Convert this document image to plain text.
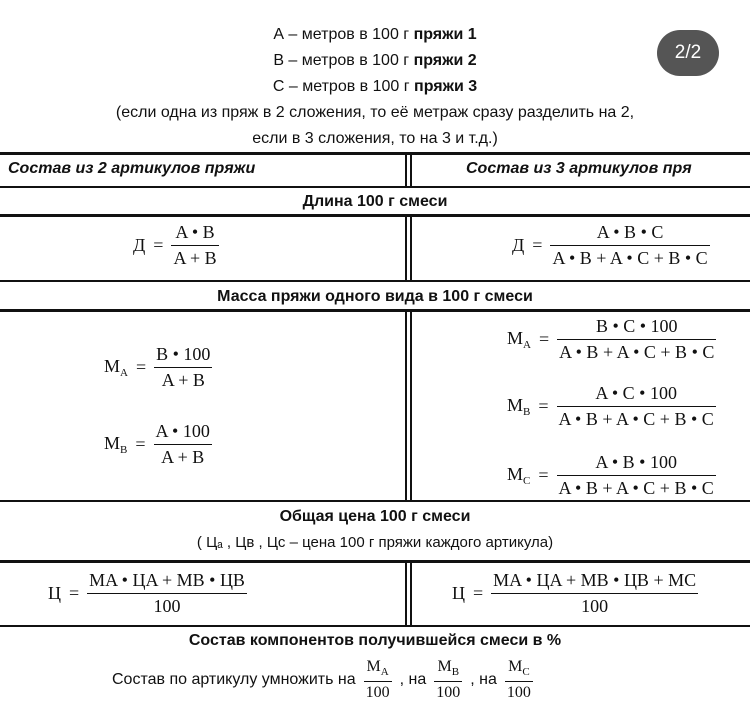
2/2
А – метров в 100 г пряжи 1
В – метров в 100 г пряжи 2
С – метров в 100 г пряжи 3
(если одна из пряж в 2 сложения, то её метраж сразу разделить на 2,
если в 3 сложения, то на 3 и т.д.)
Состав из 2 артикулов пряжи	Состав из 3 артикулов пря
Длина 100 г смеси
$Д = \frac{A • B}{A + B}$	$Д = \frac{A • B • C}{A • B + A • C + B • C}$
Масса пряжи одного вида в 100 г смеси
$М_А = \frac{B • 100}{A + B}$
$М_В = \frac{A • 100}{A + B}$
$М_А = \frac{B • C • 100}{A • B + A • C + B • C}$
$М_В = \frac{A • C • 100}{A • B + A • C + B • C}$
$М_С = \frac{A • B • 100}{A • B + A • C + B • C}$
Общая цена 100 г смеси
( Цₐ , Цв , Цс – цена 100 г пряжи каждого артикула)
$Ц = \frac{MA • ЦA + MB • ЦB}{100}$	$Ц = \frac{MA • ЦA + MB • ЦB + MC}{100}$
Состав компонентов получившейся смеси в %
Состав по артикулу умножить на $\frac{М_А}{100}$ , на $\frac{М_В}{100}$ , на $\frac{М_С}{100}$
